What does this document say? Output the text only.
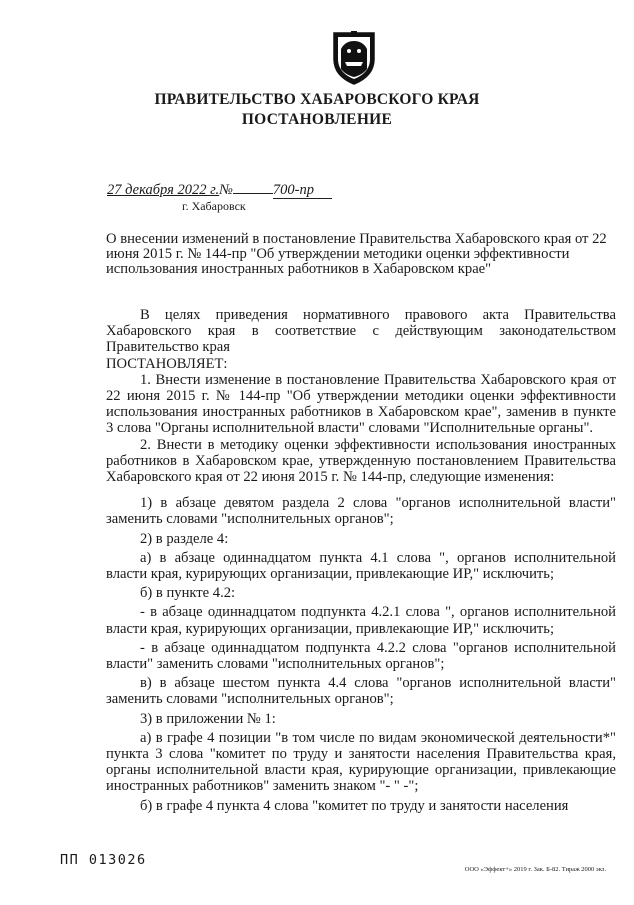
ПРАВИТЕЛЬСТВО ХАБАРОВСКОГО КРАЯ
ПОСТАНОВЛЕНИЕ
27 декабря 2022 г.№	700-пр
г. Хабаровск
О внесении изменений в постановление Правительства Хабаровского края от 22 июня 2015 г. № 144-пр "Об утверждении методики оценки эффективности использования иностранных работников в Хабаровском крае"

В целях приведения нормативного правового акта Правительства Хабаровского края в соответствие с действующим законодательством Правительство края

ПОСТАНОВЛЯЕТ:

1. Внести изменение в постановление Правительства Хабаровского края от 22 июня 2015 г. № 144-пр "Об утверждении методики оценки эффективности использования иностранных работников в Хабаровском крае", заменив в пункте 3 слова "Органы исполнительной власти" словами "Исполнительные органы".

2. Внести в методику оценки эффективности использования иностранных работников в Хабаровском крае, утвержденную постановлением Правительства Хабаровского края от 22 июня 2015 г. № 144-пр, следующие изменения:

1) в абзаце девятом раздела 2 слова "органов исполнительной власти" заменить словами "исполнительных органов";

2) в разделе 4:

а) в абзаце одиннадцатом пункта 4.1 слова ", органов исполнительной власти края, курирующих организации, привлекающие ИР," исключить;

б) в пункте 4.2:

- в абзаце одиннадцатом подпункта 4.2.1 слова ", органов исполнительной власти края, курирующих организации, привлекающие ИР," исключить;

- в абзаце одиннадцатом подпункта 4.2.2 слова "органов исполнительной власти" заменить словами "исполнительных органов";

в) в абзаце шестом пункта 4.4 слова "органов исполнительной власти" заменить словами "исполнительных органов";

3) в приложении № 1:

а) в графе 4 позиции "в том числе по видам экономической деятельности*" пункта 3 слова "комитет по труду и занятости населения Правительства края, органы исполнительной власти края, курирующие организации, привлекающие иностранных работников" заменить знаком "- " -";

б) в графе 4 пункта 4 слова "комитет по труду и занятости населения

ПП 013026
ООО «Эффект+» 2019 г. Зак. Б-82. Тираж 2000 экз.
